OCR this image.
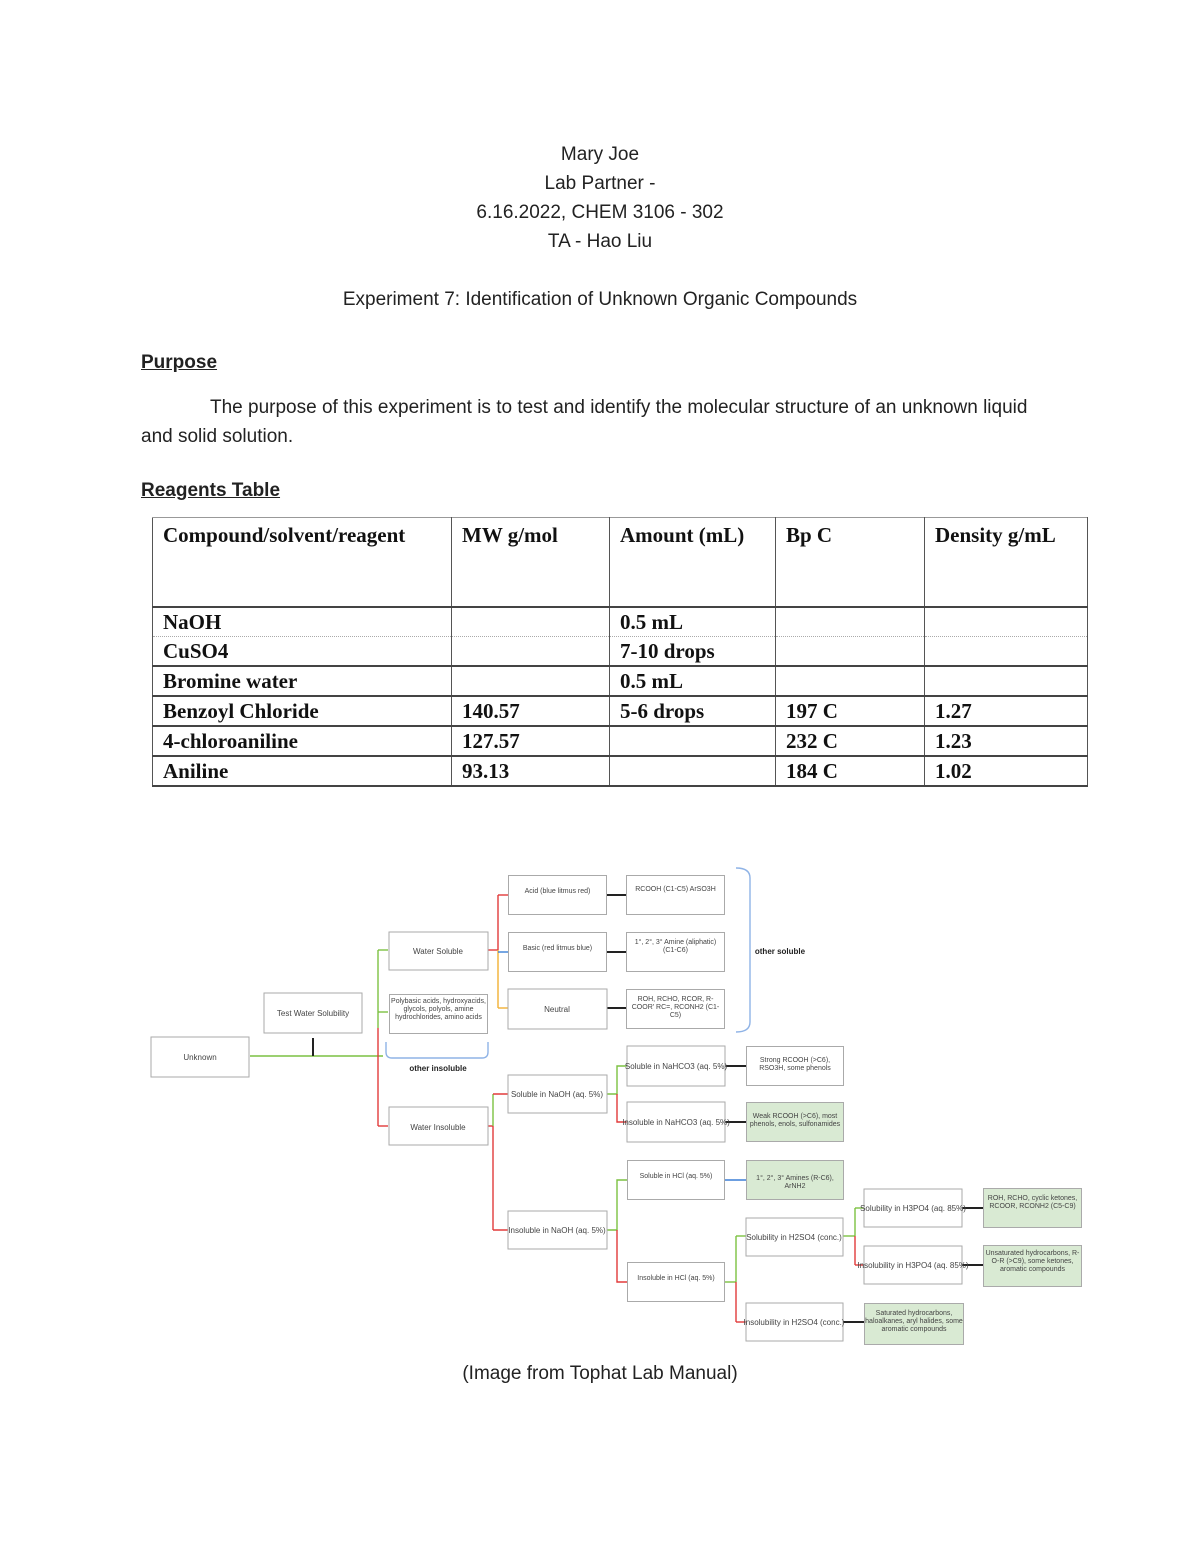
Mary Joe
Lab Partner -
6.16.2022, CHEM 3106 - 302
TA - Hao Liu
Experiment 7: Identification of Unknown Organic Compounds
Purpose
The purpose of this experiment is to test and identify the molecular structure of an unknown liquid and solid solution.
Reagents Table
Compound/solvent/reagent	MW g/mol	Amount (mL)	Bp C	Density g/mL
NaOH		0.5 mL		
CuSO4		7-10 drops		
Bromine water		0.5 mL		
Benzoyl Chloride	140.57	5-6 drops	197 C	1.27
4-chloroaniline	127.57		232 C	1.23
Aniline	93.13		184 C	1.02
Unknown
Test Water Solubility
Water Soluble
Polybasic acids, hydroxyacids, glycols, polyols, amine hydrochlorides, amino acids
other insoluble
Water Insoluble
Acid (blue litmus red)
Basic (red litmus blue)
Neutral
RCOOH (C1-C5) ArSO3H
1°, 2°, 3° Amine (aliphatic) (C1-C6)
ROH, RCHO, RCOR, R-COOR' RC=, RCONH2 (C1-C5)
other soluble
Soluble in NaOH (aq. 5%)
Insoluble in NaOH (aq. 5%)
Soluble in NaHCO3 (aq. 5%)
Insoluble in NaHCO3 (aq. 5%)
Strong RCOOH (>C6), RSO3H, some phenols
Weak RCOOH (>C6), most phenols, enols, sulfonamides
Soluble in HCl (aq. 5%)	1°, 2°, 3° Amines (R-C6), ArNH2
Insoluble in HCl (aq. 5%)
Solubility in H2SO4 (conc.)
Insolubility in H2SO4 (conc.)
Solubility in H3PO4 (aq. 85%)
Insolubility in H3PO4 (aq. 85%)
ROH, RCHO, cyclic ketones, RCOOR, RCONH2 (C5-C9)
Unsaturated hydrocarbons, R-O-R (>C9), some ketones, aromatic compounds
Saturated hydrocarbons, haloalkanes, aryl halides, some aromatic compounds
(Image from Tophat Lab Manual)
